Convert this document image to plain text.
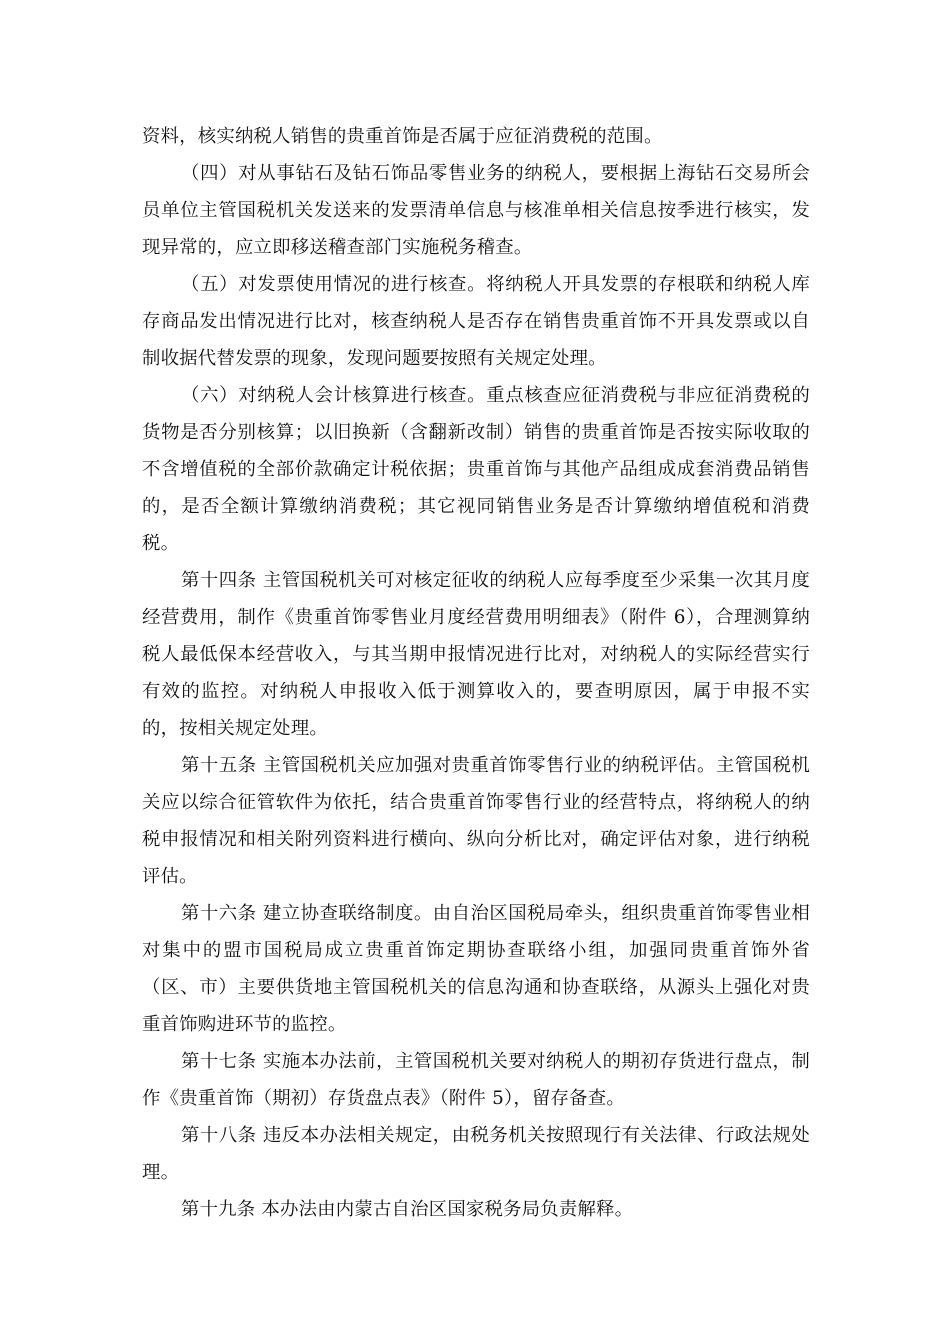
资料，核实纳税人销售的贵重首饰是否属于应征消费税的范围。

（四）对从事钻石及钻石饰品零售业务的纳税人，要根据上海钻石交易所会员单位主管国税机关发送来的发票清单信息与核准单相关信息按季进行核实，发现异常的，应立即移送稽查部门实施税务稽查。

（五）对发票使用情况的进行核查。将纳税人开具发票的存根联和纳税人库存商品发出情况进行比对，核查纳税人是否存在销售贵重首饰不开具发票或以自制收据代替发票的现象，发现问题要按照有关规定处理。

（六）对纳税人会计核算进行核查。重点核查应征消费税与非应征消费税的货物是否分别核算；以旧换新（含翻新改制）销售的贵重首饰是否按实际收取的不含增值税的全部价款确定计税依据；贵重首饰与其他产品组成成套消费品销售的，是否全额计算缴纳消费税；其它视同销售业务是否计算缴纳增值税和消费税。

第十四条 主管国税机关可对核定征收的纳税人应每季度至少采集一次其月度经营费用，制作《贵重首饰零售业月度经营费用明细表》（附件 6），合理测算纳税人最低保本经营收入，与其当期申报情况进行比对，对纳税人的实际经营实行有效的监控。对纳税人申报收入低于测算收入的，要查明原因，属于申报不实的，按相关规定处理。

第十五条 主管国税机关应加强对贵重首饰零售行业的纳税评估。主管国税机关应以综合征管软件为依托，结合贵重首饰零售行业的经营特点，将纳税人的纳税申报情况和相关附列资料进行横向、纵向分析比对，确定评估对象，进行纳税评估。

第十六条 建立协查联络制度。由自治区国税局牵头，组织贵重首饰零售业相对集中的盟市国税局成立贵重首饰定期协查联络小组，加强同贵重首饰外省（区、市）主要供货地主管国税机关的信息沟通和协查联络，从源头上强化对贵重首饰购进环节的监控。

第十七条 实施本办法前，主管国税机关要对纳税人的期初存货进行盘点，制作《贵重首饰（期初）存货盘点表》（附件 5），留存备查。

第十八条 违反本办法相关规定，由税务机关按照现行有关法律、行政法规处理。

第十九条 本办法由内蒙古自治区国家税务局负责解释。
